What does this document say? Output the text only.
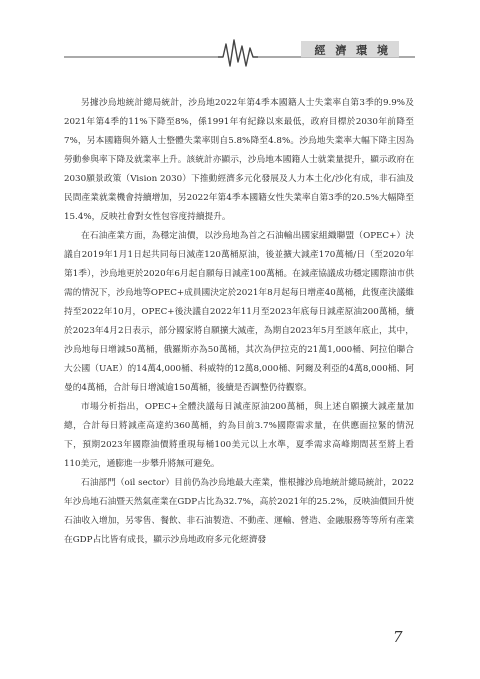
經 濟 環 境

另據沙烏地統計總局統計，沙烏地2022年第4季本國籍人士失業率自第3季的9.9%及2021年第4季的11%下降至8%，係1991年有紀錄以來最低，政府目標於2030年前降至7%，另本國籍與外籍人士整體失業率則自5.8%降至4.8%。沙烏地失業率大幅下降主因為勞動參與率下降及就業率上升。該統計亦顯示，沙烏地本國籍人士就業量提升，顯示政府在2030願景政策（Vision 2030）下推動經濟多元化發展及人力本土化/沙化有成，非石油及民間產業就業機會持續增加，另2022年第4季本國籍女性失業率自第3季的20.5%大幅降至15.4%，反映社會對女性包容度持續提升。

在石油產業方面，為穩定油價，以沙烏地為首之石油輸出國家組織聯盟（OPEC+）決議自2019年1月1日起共同每日減產120萬桶原油，後並擴大減產170萬桶/日（至2020年第1季），沙烏地更於2020年6月起自願每日減產100萬桶。在減產協議成功穩定國際油市供需的情況下，沙烏地等OPEC+成員國決定於2021年8月起每日增產40萬桶，此復產決議維持至2022年10月，OPEC+後決議自2022年11月至2023年底每日減產原油200萬桶，續於2023年4月2日表示，部分國家將自願擴大減產，為期自2023年5月至該年底止，其中，沙烏地每日增減50萬桶，俄羅斯亦為50萬桶，其次為伊拉克的21萬1,000桶、阿拉伯聯合大公國（UAE）的14萬4,000桶、科威特的12萬8,000桶、阿爾及利亞的4萬8,000桶、阿曼的4萬桶，合計每日增減逾150萬桶，後續是否調整仍待觀察。

市場分析指出，OPEC+全體決議每日減產原油200萬桶，與上述自願擴大減產量加總，合計每日將減產高達約360萬桶，約為目前3.7%國際需求量，在供應面拉緊的情況下，預期2023年國際油價將重現每桶100美元以上水準，夏季需求高峰期間甚至將上看110美元，通膨進一步攀升將無可避免。

石油部門（oil sector）目前仍為沙烏地最大產業，惟根據沙烏地統計總局統計，2022年沙烏地石油暨天然氣產業在GDP占比為32.7%，高於2021年的25.2%，反映油價回升使石油收入增加，另零售、餐飲、非石油製造、不動產、運輸、營造、金融服務等等所有產業在GDP占比皆有成長，顯示沙烏地政府多元化經濟發

7
